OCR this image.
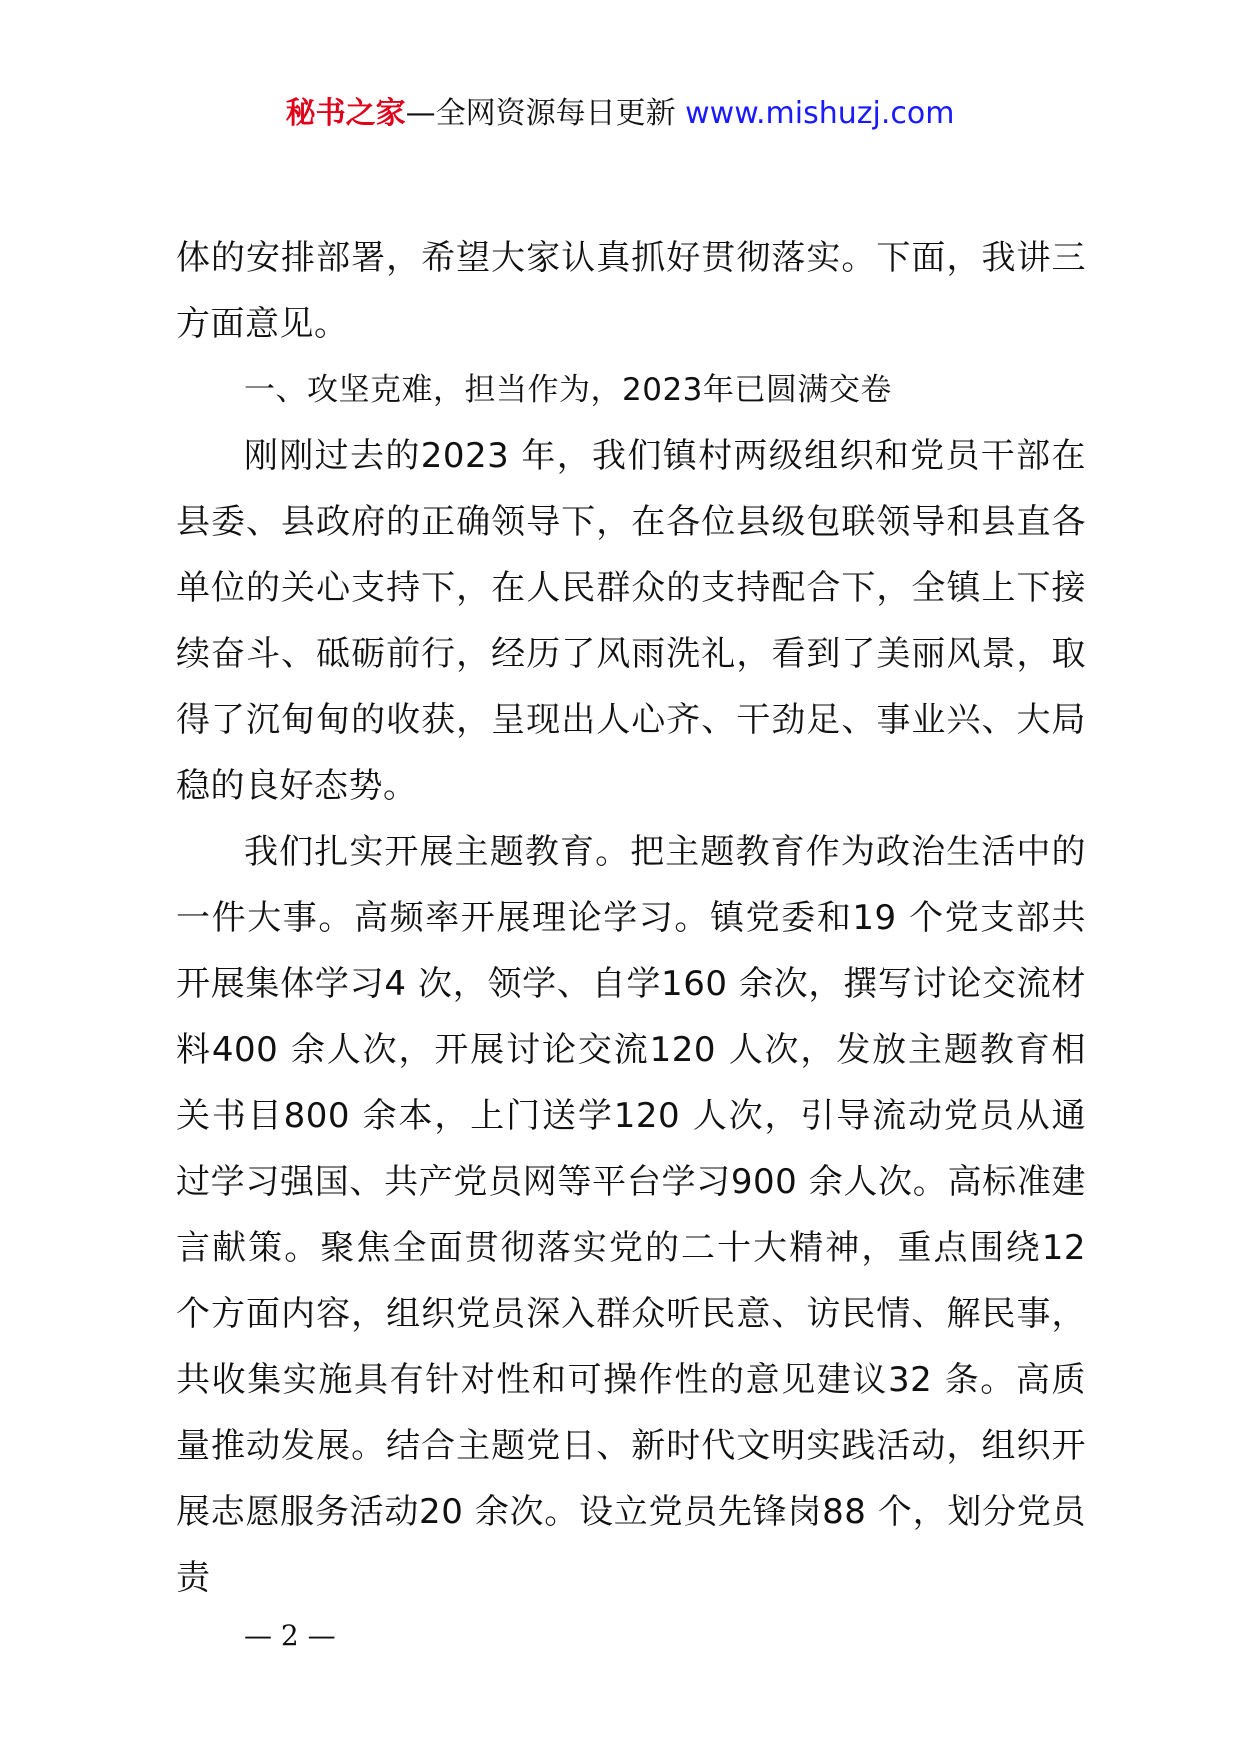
秘书之家—全网资源每日更新 www.mishuzj.com

体的安排部署，希望大家认真抓好贯彻落实。下面，我讲三方面意见。

一、攻坚克难，担当作为，2023年已圆满交卷

刚刚过去的2023 年，我们镇村两级组织和党员干部在县委、县政府的正确领导下，在各位县级包联领导和县直各单位的关心支持下，在人民群众的支持配合下，全镇上下接续奋斗、砥砺前行，经历了风雨洗礼，看到了美丽风景，取得了沉甸甸的收获，呈现出人心齐、干劲足、事业兴、大局稳的良好态势。

我们扎实开展主题教育。把主题教育作为政治生活中的一件大事。高频率开展理论学习。镇党委和19 个党支部共开展集体学习4 次，领学、自学160 余次，撰写讨论交流材料400 余人次，开展讨论交流120 人次，发放主题教育相关书目800 余本，上门送学120 人次，引导流动党员从通过学习强国、共产党员网等平台学习900 余人次。高标准建言献策。聚焦全面贯彻落实党的二十大精神，重点围绕12 个方面内容，组织党员深入群众听民意、访民情、解民事，共收集实施具有针对性和可操作性的意见建议32 条。高质量推动发展。结合主题党日、新时代文明实践活动，组织开展志愿服务活动20 余次。设立党员先锋岗88 个，划分党员责

— 2 —
